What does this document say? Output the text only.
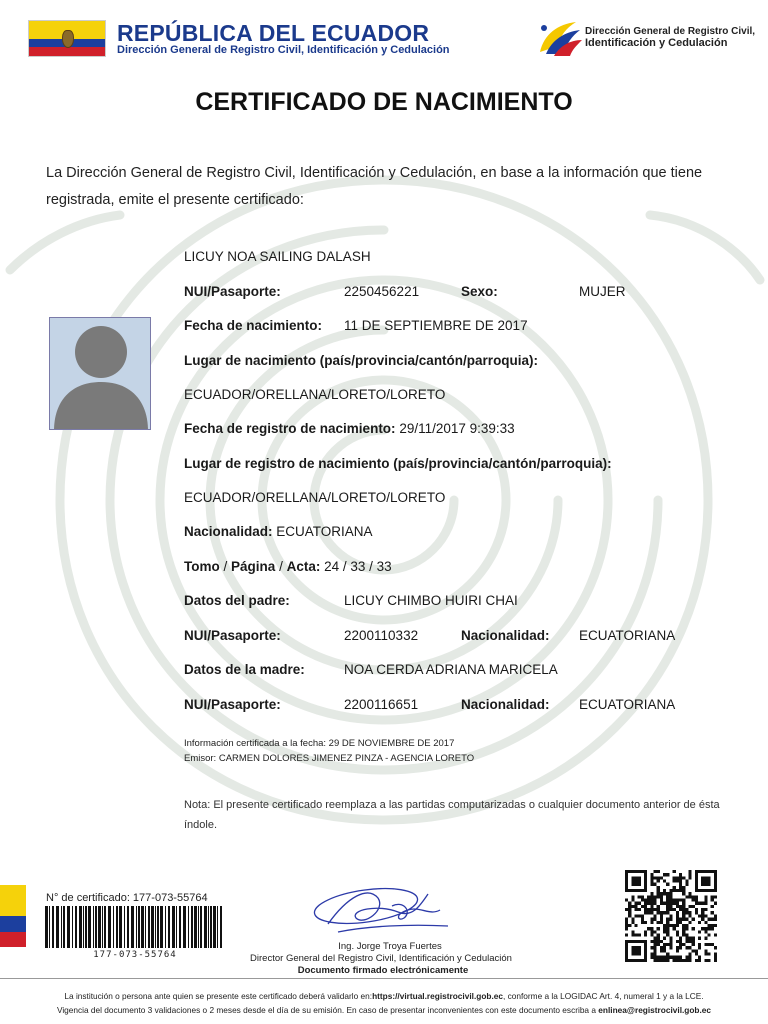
REPÚBLICA DEL ECUADOR
Dirección General de Registro Civil, Identificación y Cedulación
Dirección General de Registro Civil,
Identificación y Cedulación
CERTIFICADO DE NACIMIENTO
La Dirección General de Registro Civil, Identificación y Cedulación, en base a la información que tiene registrada, emite el presente certificado:
LICUY NOA SAILING DALASH
NUI/Pasaporte:	2250456221	Sexo:	MUJER
Fecha de nacimiento: 11 DE SEPTIEMBRE DE 2017
Lugar de nacimiento (país/provincia/cantón/parroquia):
ECUADOR/ORELLANA/LORETO/LORETO
Fecha de registro de nacimiento: 29/11/2017 9:39:33
Lugar de registro de nacimiento (país/provincia/cantón/parroquia):
ECUADOR/ORELLANA/LORETO/LORETO
Nacionalidad: ECUATORIANA
Tomo / Página / Acta: 24 / 33 / 33
Datos del padre:	LICUY CHIMBO HUIRI CHAI
NUI/Pasaporte:	2200110332	Nacionalidad: ECUATORIANA
Datos de la madre:	NOA CERDA ADRIANA MARICELA
NUI/Pasaporte:	2200116651	Nacionalidad: ECUATORIANA
Información certificada a la fecha: 29 DE NOVIEMBRE DE 2017
Emisor: CARMEN DOLORES JIMENEZ PINZA - AGENCIA LORETO
Nota: El presente certificado reemplaza a las partidas computarizadas o cualquier documento anterior de ésta índole.
N° de certificado: 177-073-55764
177-073-55764
Ing. Jorge Troya Fuertes
Director General del Registro Civil, Identificación y Cedulación
Documento firmado electrónicamente
La institución o persona ante quien se presente este certificado deberá validarlo en:https://virtual.registrocivil.gob.ec, conforme a la LOGIDAC Art. 4, numeral 1 y a la LCE.
Vigencia del documento 3 validaciones o 2 meses desde el día de su emisión. En caso de presentar inconvenientes con este documento escriba a enlinea@registrocivil.gob.ec
